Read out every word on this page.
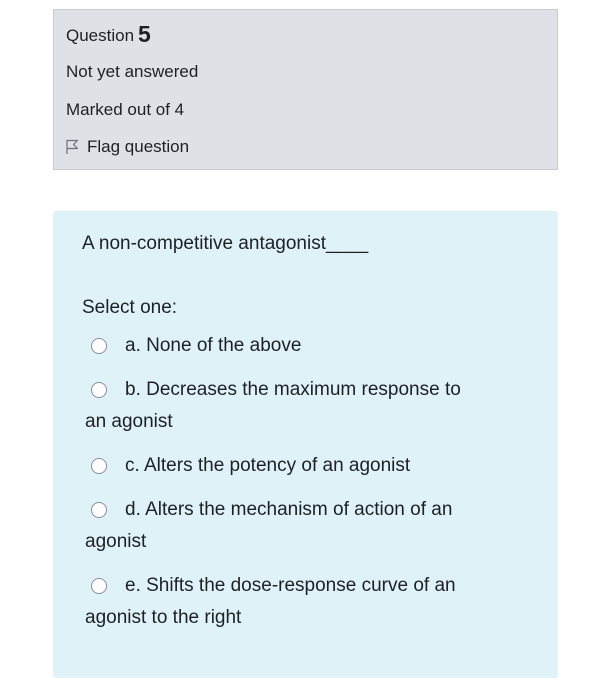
Question 5
Not yet answered
Marked out of 4
Flag question
A non-competitive antagonist____
Select one:
a. None of the above
b. Decreases the maximum response to
an agonist
c. Alters the potency of an agonist
d. Alters the mechanism of action of an
agonist
e. Shifts the dose-response curve of an
agonist to the right
